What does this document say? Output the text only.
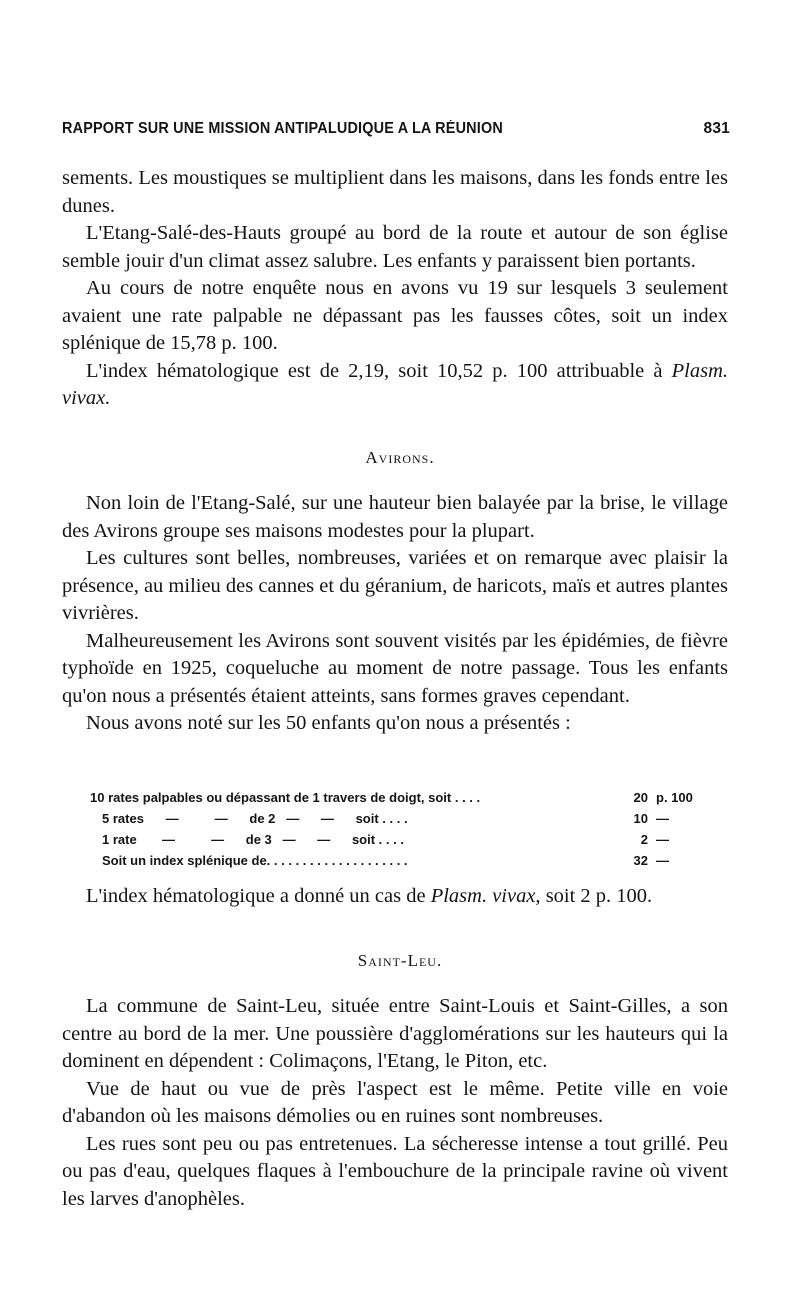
RAPPORT SUR UNE MISSION ANTIPALUDIQUE A LA RÉUNION	831

sements. Les moustiques se multiplient dans les maisons, dans les fonds entre les dunes.

L'Etang-Salé-des-Hauts groupé au bord de la route et autour de son église semble jouir d'un climat assez salubre. Les enfants y paraissent bien portants.

Au cours de notre enquête nous en avons vu 19 sur lesquels 3 seulement avaient une rate palpable ne dépassant pas les fausses côtes, soit un index splénique de 15,78 p. 100.

L'index hématologique est de 2,19, soit 10,52 p. 100 attribuable à Plasm. vivax.

Avirons.

Non loin de l'Etang-Salé, sur une hauteur bien balayée par la brise, le village des Avirons groupe ses maisons modestes pour la plupart.

Les cultures sont belles, nombreuses, variées et on remarque avec plaisir la présence, au milieu des cannes et du géranium, de haricots, maïs et autres plantes vivrières.

Malheureusement les Avirons sont souvent visités par les épidémies, de fièvre typhoïde en 1925, coqueluche au moment de notre passage. Tous les enfants qu'on nous a présentés étaient atteints, sans formes graves cependant.

Nous avons noté sur les 50 enfants qu'on nous a présentés :

10 rates palpables ou dépassant de 1 travers de doigt, soit . . . .	20 p. 100
5 rates      —          —      de 2   —      —      soit . . . .	10 —
1 rate       —          —      de 3   —      —      soit . . . .	2 —
Soit un index splénique de. . . . . . . . . . . . . . . . . . . .	32 —

L'index hématologique a donné un cas de Plasm. vivax, soit 2 p. 100.

Saint-Leu.

La commune de Saint-Leu, située entre Saint-Louis et Saint-Gilles, a son centre au bord de la mer. Une poussière d'agglomérations sur les hauteurs qui la dominent en dépendent : Colimaçons, l'Etang, le Piton, etc.

Vue de haut ou vue de près l'aspect est le même. Petite ville en voie d'abandon où les maisons démolies ou en ruines sont nombreuses.

Les rues sont peu ou pas entretenues. La sécheresse intense a tout grillé. Peu ou pas d'eau, quelques flaques à l'embouchure de la principale ravine où vivent les larves d'anophèles.
